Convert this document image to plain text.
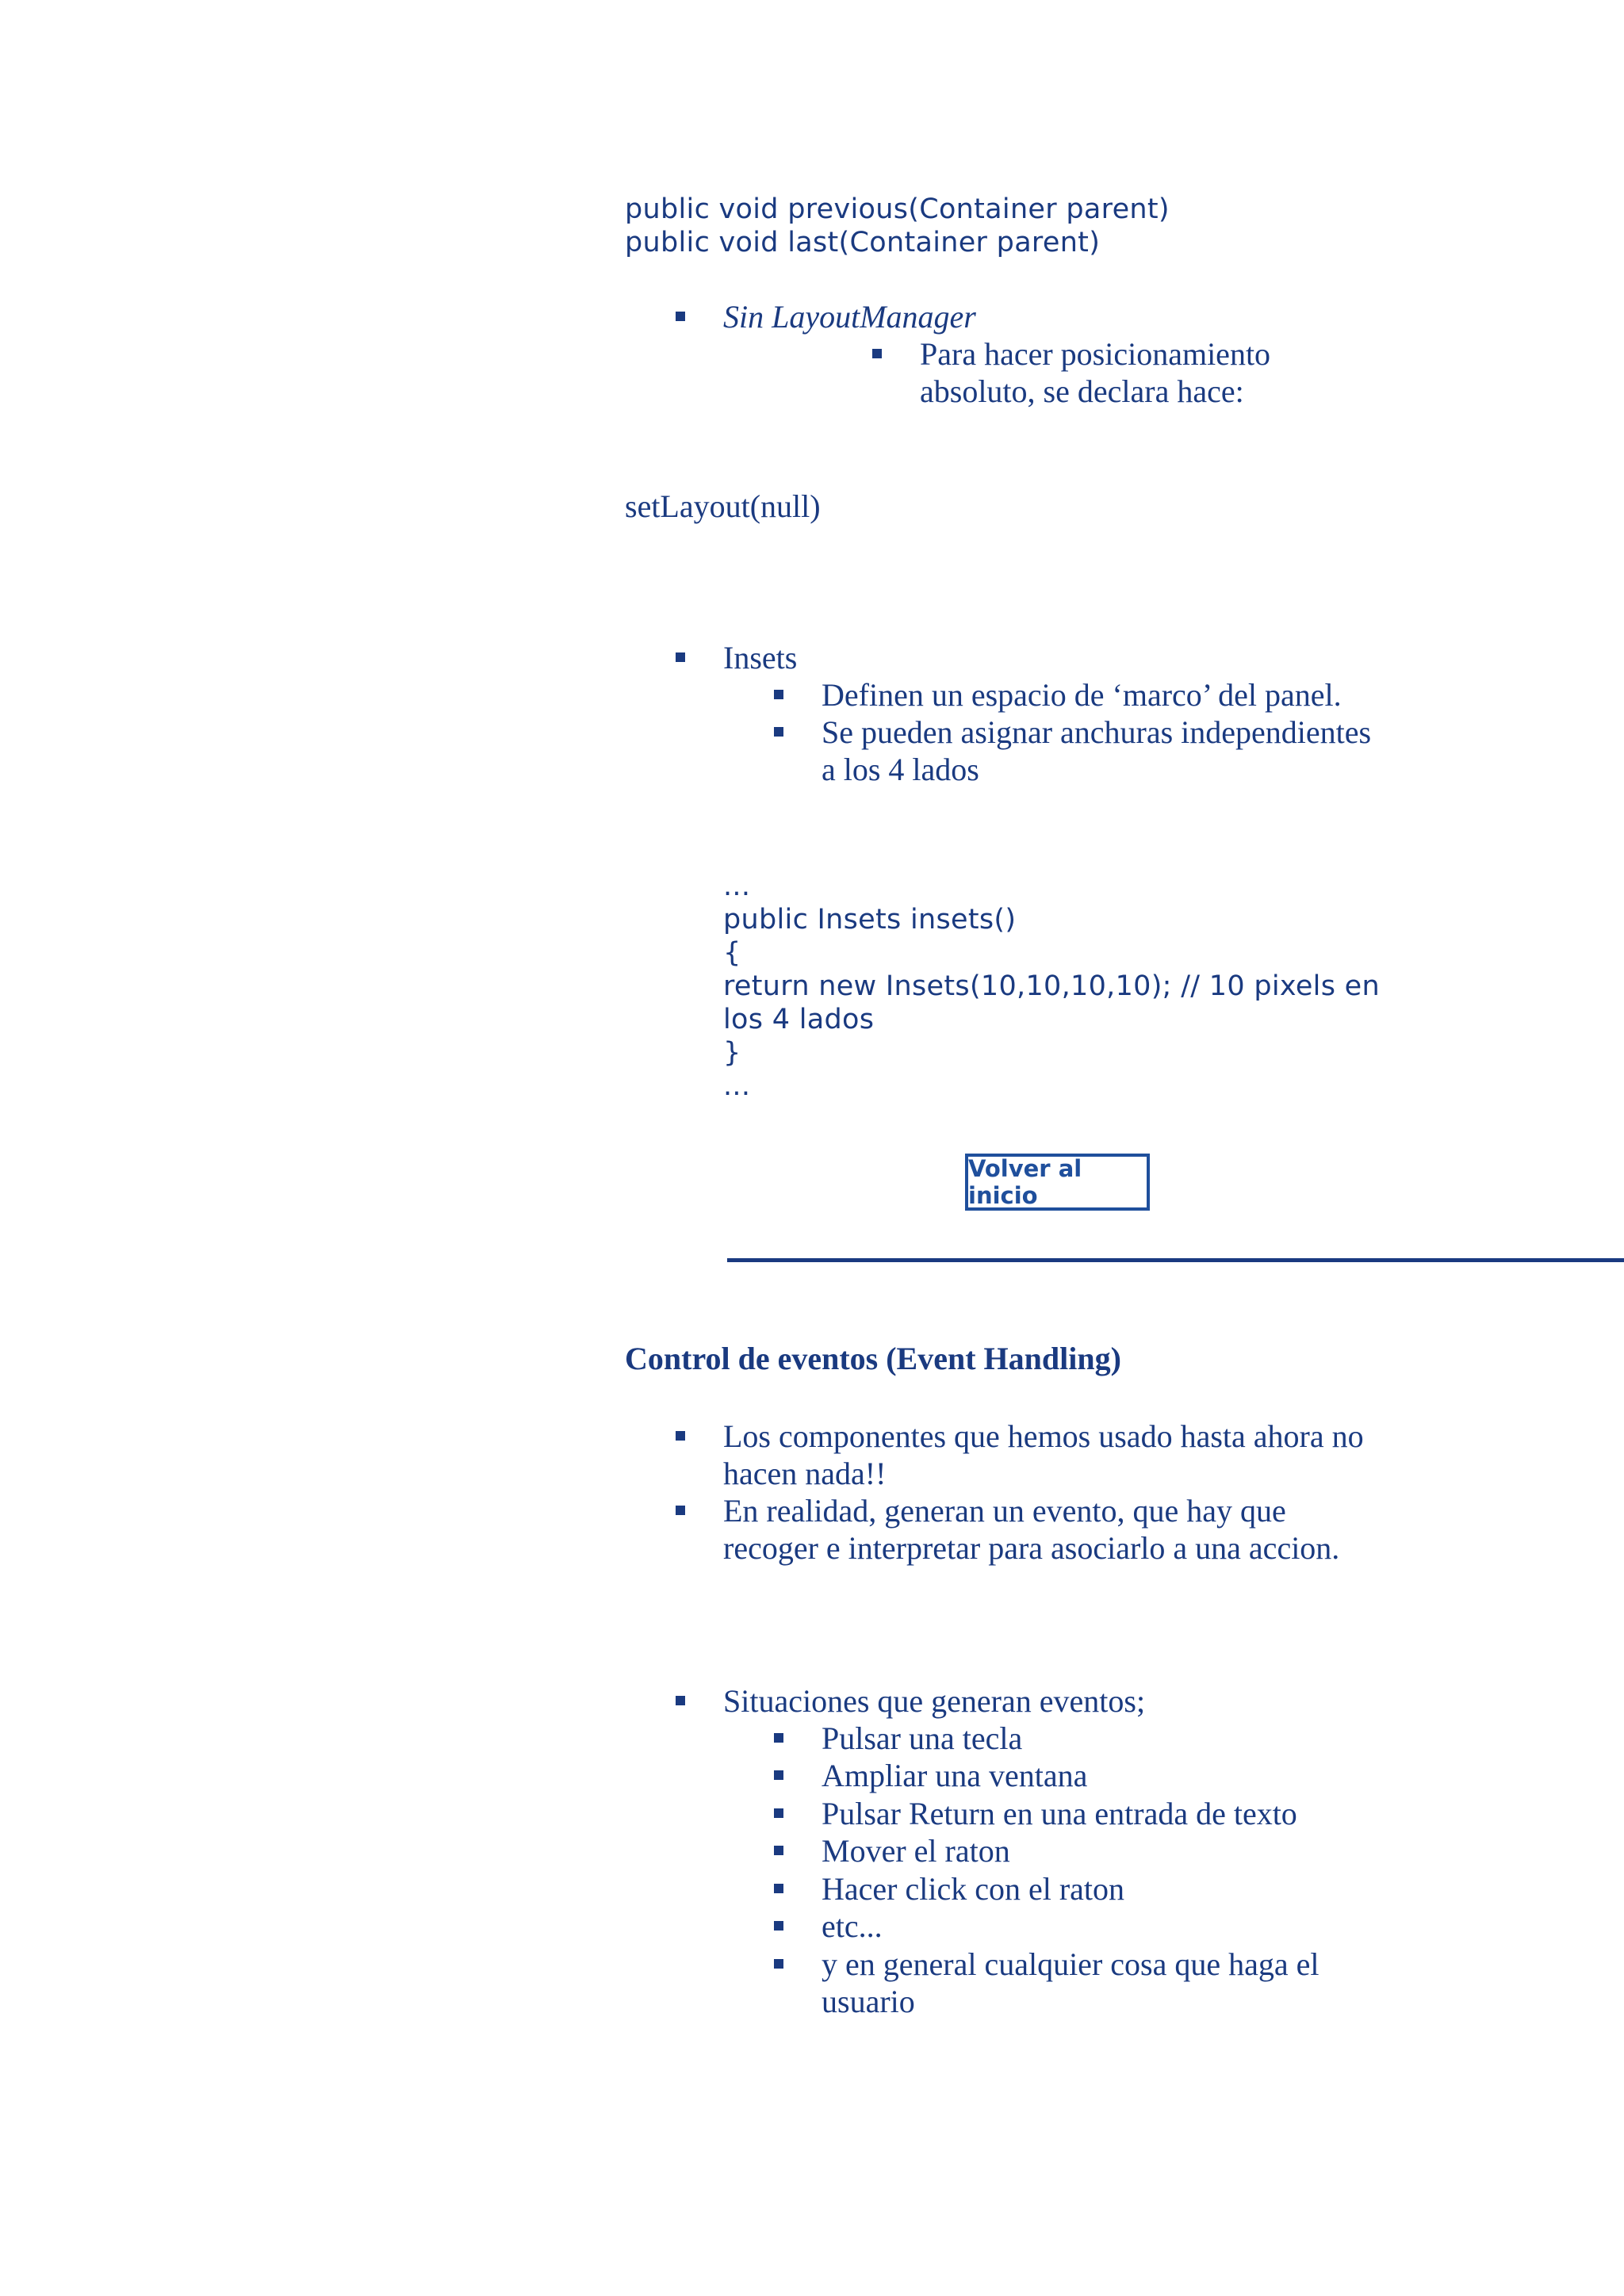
public void previous(Container parent)
public void last(Container parent)
Sin LayoutManager
Para hacer posicionamiento
absoluto, se declara hace:
setLayout(null)
Insets
Definen un espacio de ‘marco’ del panel.
Se pueden asignar anchuras independientes
a los 4 lados
...
public Insets insets()
{
return new Insets(10,10,10,10); // 10 pixels en
los 4 lados
}
...
Volver al inicio
Control de eventos (Event Handling)
Los componentes que hemos usado hasta ahora no
hacen nada!!
En realidad, generan un evento, que hay que
recoger e interpretar para asociarlo a una accion.
Situaciones que generan eventos;
Pulsar una tecla
Ampliar una ventana
Pulsar Return en una entrada de texto
Mover el raton
Hacer click con el raton
etc...
y en general cualquier cosa que haga el
usuario
